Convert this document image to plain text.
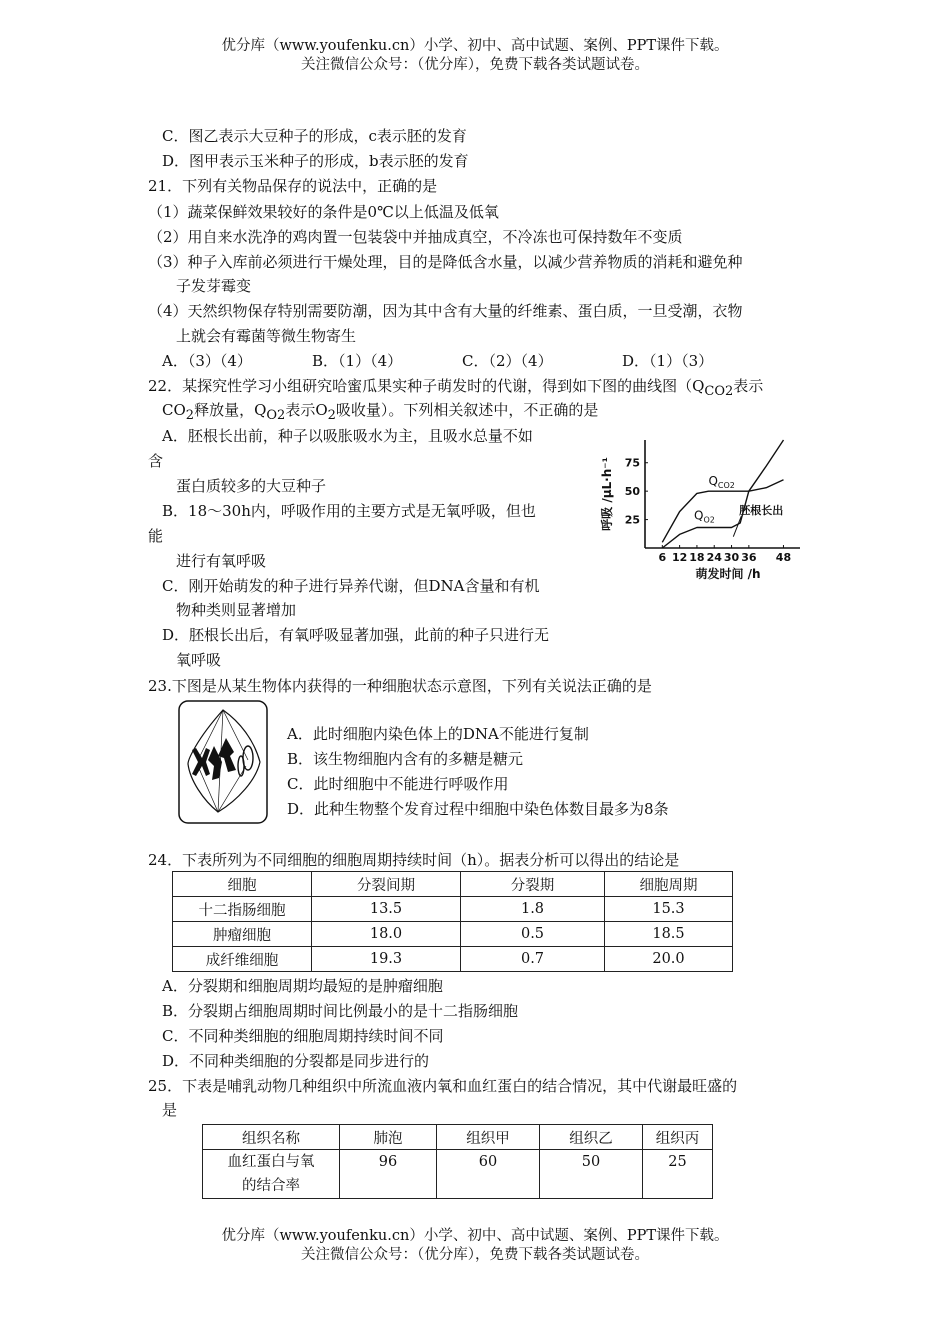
优分库（www.youfenku.cn）小学、初中、高中试题、案例、PPT课件下载。
关注微信公众号：（优分库），免费下载各类试题试卷。
C．图乙表示大豆种子的形成，c表示胚的发育
D．图甲表示玉米种子的形成，b表示胚的发育
21．下列有关物品保存的说法中，正确的是
（1）蔬菜保鲜效果较好的条件是0℃以上低温及低氧
（2）用自来水洗净的鸡肉置一包装袋中并抽成真空，不冷冻也可保持数年不变质
（3）种子入库前必须进行干燥处理，目的是降低含水量，以减少营养物质的消耗和避免种
子发芽霉变
（4）天然织物保存特别需要防潮，因为其中含有大量的纤维素、蛋白质，一旦受潮，衣物
上就会有霉菌等微生物寄生
A．（3）（4）	B．（1）（4）	C．（2）（4）	D．（1）（3）
22．某探究性学习小组研究哈蜜瓜果实种子萌发时的代谢，得到如下图的曲线图（$Q_{CO2}$表示
$CO_2$释放量，$Q_{O2}$表示$O_2$吸收量）。下列相关叙述中，不正确的是
A．胚根长出前，种子以吸胀吸水为主，且吸水总量不如
含
蛋白质较多的大豆种子
B．18～30h内，呼吸作用的主要方式是无氧呼吸，但也
能
进行有氧呼吸
C．刚开始萌发的种子进行异养代谢，但DNA含量和有机
物种类则显著增加
D．胚根长出后，有氧呼吸显著加强，此前的种子只进行无
氧呼吸
6 12 18 24 30 36 48
25
50
75
萌发时间 /h
呼吸 /μL·h⁻¹	$Q_{CO2}$
$Q_{O2}$
胚根长出
23.下图是从某生物体内获得的一种细胞状态示意图，下列有关说法正确的是
A．此时细胞内染色体上的DNA不能进行复制
B．该生物细胞内含有的多糖是糖元
C．此时细胞中不能进行呼吸作用
D．此种生物整个发育过程中细胞中染色体数目最多为8条
24．下表所列为不同细胞的细胞周期持续时间（h）。据表分析可以得出的结论是
细胞	分裂间期	分裂期	细胞周期
十二指肠细胞	13.5	1.8	15.3
肿瘤细胞	18.0	0.5	18.5
成纤维细胞	19.3	0.7	20.0
A．分裂期和细胞周期均最短的是肿瘤细胞
B．分裂期占细胞周期时间比例最小的是十二指肠细胞
C．不同种类细胞的细胞周期持续时间不同
D．不同种类细胞的分裂都是同步进行的
25．下表是哺乳动物几种组织中所流血液内氧和血红蛋白的结合情况，其中代谢最旺盛的
是
组织名称	肺泡	组织甲	组织乙	组织丙

血红蛋白与氧
的结合率	96	60	50	25
优分库（www.youfenku.cn）小学、初中、高中试题、案例、PPT课件下载。
关注微信公众号：（优分库），免费下载各类试题试卷。
